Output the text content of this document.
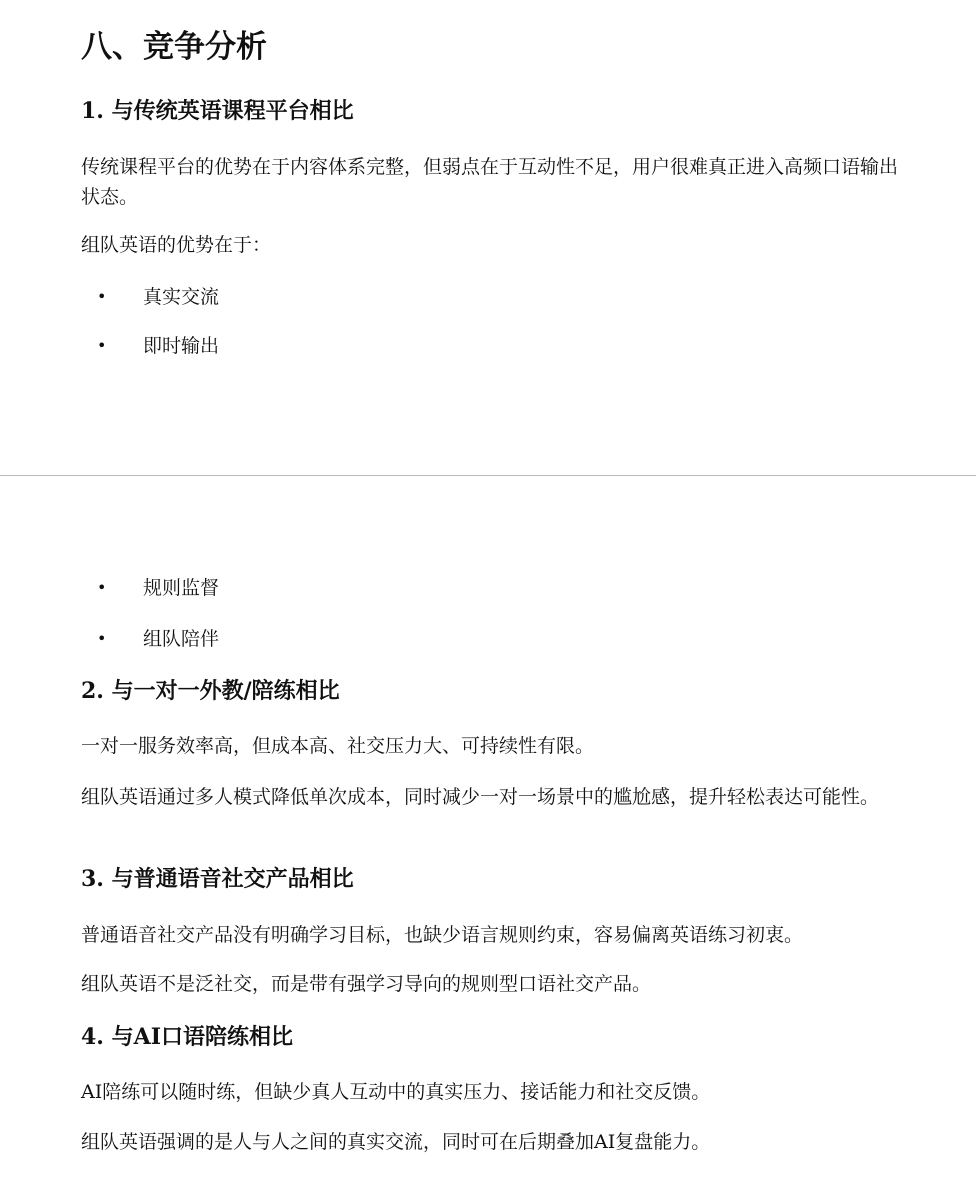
八、竞争分析
1. 与传统英语课程平台相比
传统课程平台的优势在于内容体系完整，但弱点在于互动性不足，用户很难真正进入高频口语输出状态。
组队英语的优势在于：
• 真实交流
• 即时输出
• 规则监督
• 组队陪伴
2. 与一对一外教/陪练相比
一对一服务效率高，但成本高、社交压力大、可持续性有限。
组队英语通过多人模式降低单次成本，同时减少一对一场景中的尴尬感，提升轻松表达可能性。
3. 与普通语音社交产品相比
普通语音社交产品没有明确学习目标，也缺少语言规则约束，容易偏离英语练习初衷。
组队英语不是泛社交，而是带有强学习导向的规则型口语社交产品。
4. 与AI口语陪练相比
AI陪练可以随时练，但缺少真人互动中的真实压力、接话能力和社交反馈。
组队英语强调的是人与人之间的真实交流，同时可在后期叠加AI复盘能力。
